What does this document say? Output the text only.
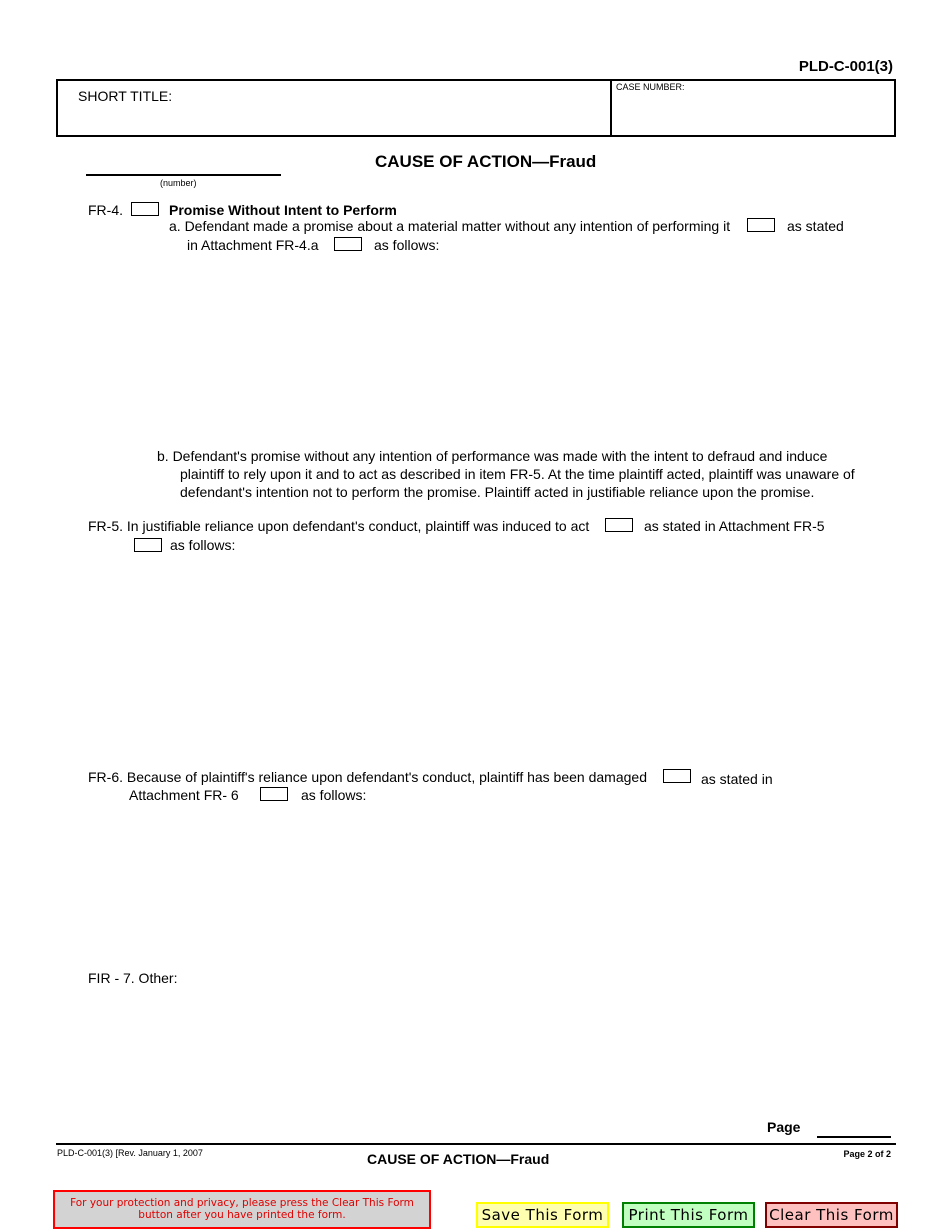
PLD-C-001(3)
SHORT TITLE:
CASE NUMBER:
CAUSE OF ACTION—Fraud
(number)
FR-4.	Promise Without Intent to Perform
a. Defendant made a promise about a material matter without any intention of performing it	as stated
in Attachment FR-4.a	as follows:
b. Defendant's promise without any intention of performance was made with the intent to defraud and induce
plaintiff to rely upon it and to act as described in item FR-5. At the time plaintiff acted, plaintiff was unaware of
defendant's intention not to perform the promise. Plaintiff acted in justifiable reliance upon the promise.
FR-5. In justifiable reliance upon defendant's conduct, plaintiff was induced to act	as stated in Attachment FR-5
as follows:
FR-6. Because of plaintiff's reliance upon defendant's conduct, plaintiff has been damaged	as stated in
Attachment FR- 6	as follows:
FIR - 7. Other:
Page
PLD-C-001(3) [Rev. January 1, 2007	CAUSE OF ACTION—Fraud	Page 2 of 2
For your protection and privacy, please press the Clear This Form
button after you have printed the form.	Save This Form	Print This Form	Clear This Form
